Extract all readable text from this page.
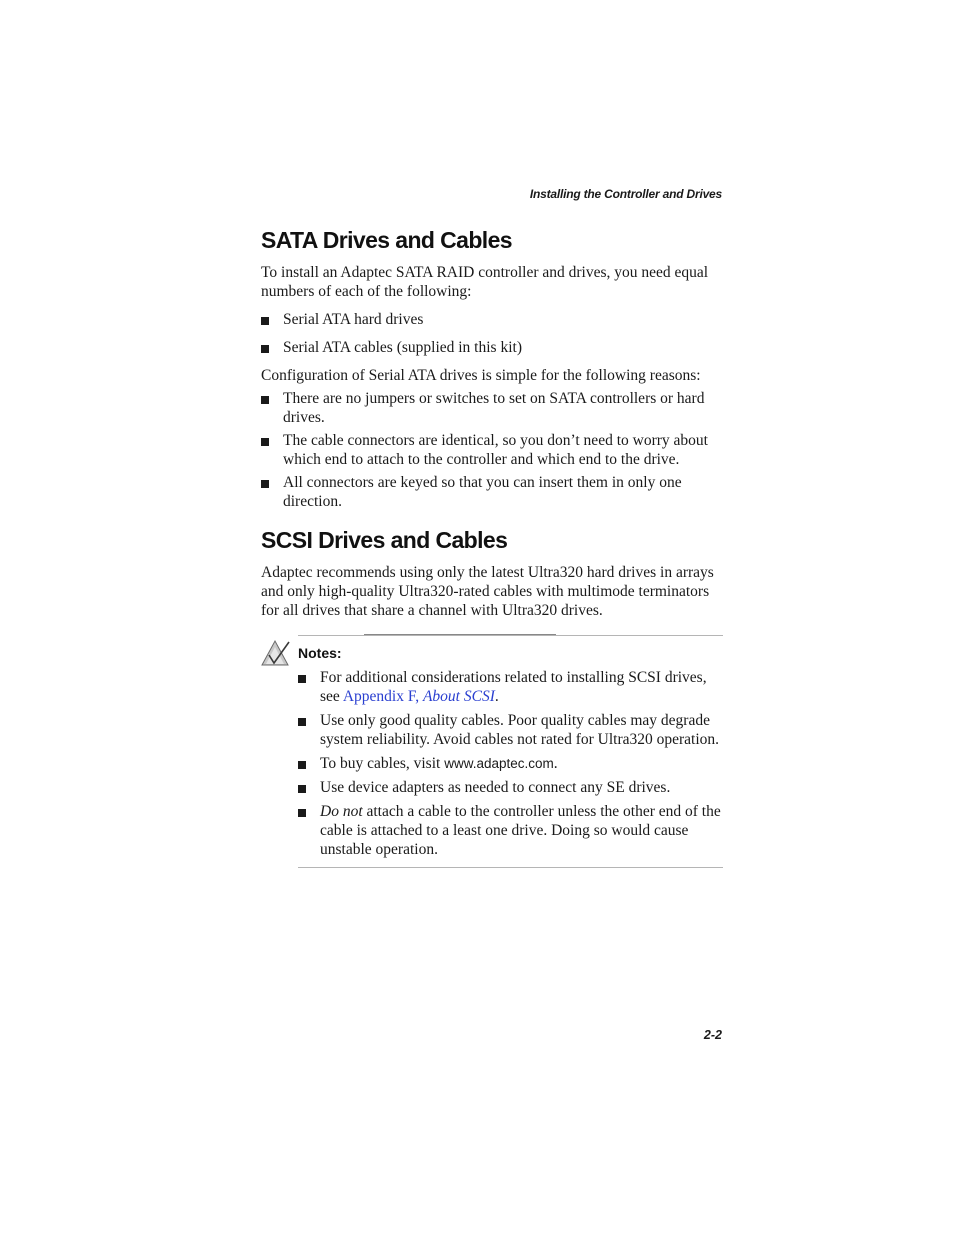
Installing the Controller and Drives
SATA Drives and Cables

To install an Adaptec SATA RAID controller and drives, you need equal numbers of each of the following:

Serial ATA hard drives
Serial ATA cables (supplied in this kit)

Configuration of Serial ATA drives is simple for the following reasons:

There are no jumpers or switches to set on SATA controllers or hard drives.
The cable connectors are identical, so you don’t need to worry about which end to attach to the controller and which end to the drive.
All connectors are keyed so that you can insert them in only one direction.
SCSI Drives and Cables

Adaptec recommends using only the latest Ultra320 hard drives in arrays and only high-quality Ultra320-rated cables with multimode terminators for all drives that share a channel with Ultra320 drives.

Notes:
For additional considerations related to installing SCSI drives, see Appendix F, About SCSI.
Use only good quality cables. Poor quality cables may degrade system reliability. Avoid cables not rated for Ultra320 operation.
To buy cables, visit www.adaptec.com.
Use device adapters as needed to connect any SE drives.
Do not attach a cable to the controller unless the other end of the cable is attached to a least one drive. Doing so would cause unstable operation.
2-2
